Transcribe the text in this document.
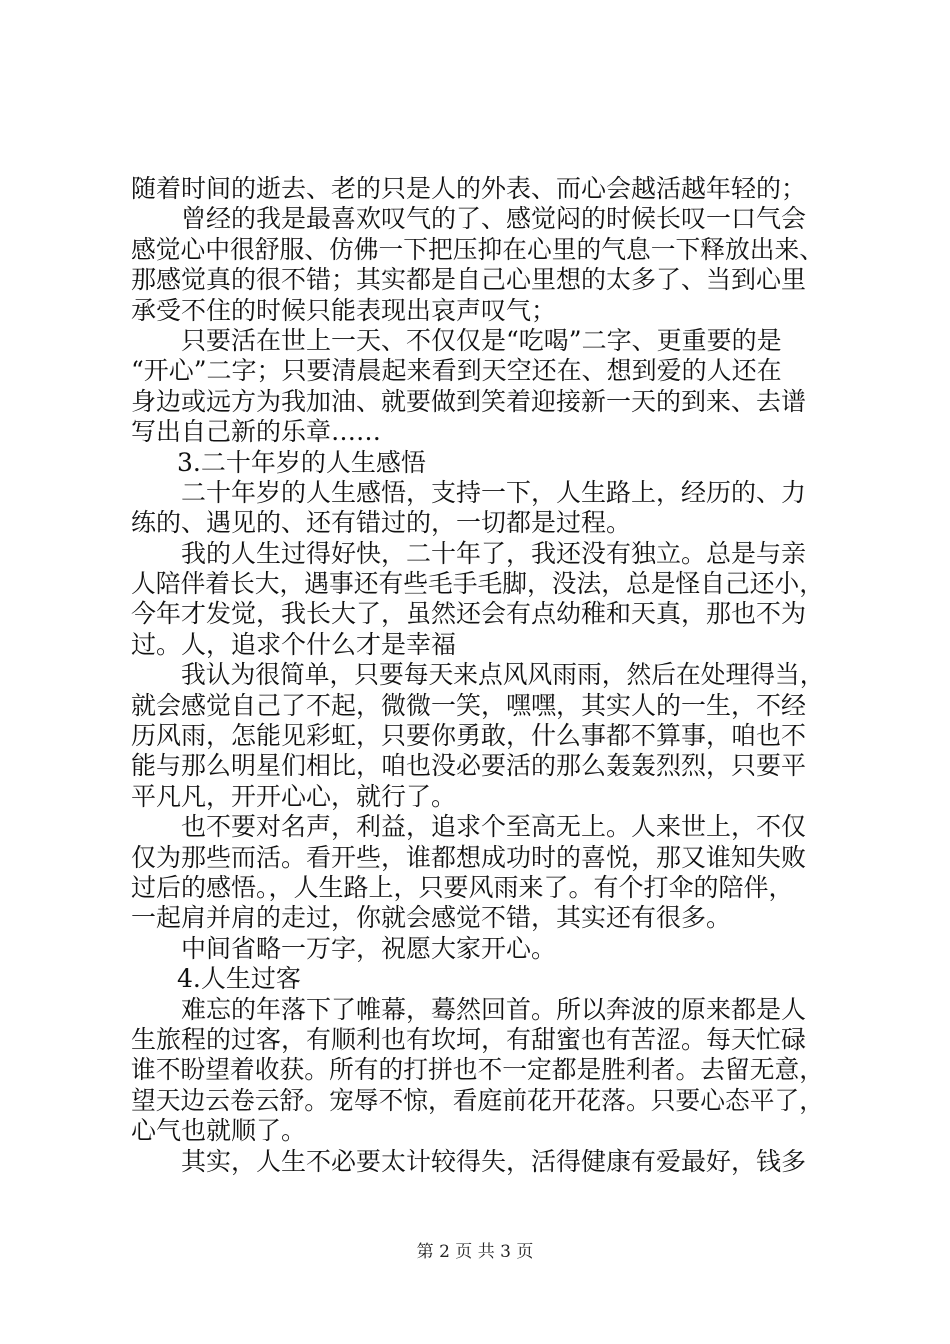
随着时间的逝去、老的只是人的外表、而心会越活越年轻的；
曾经的我是最喜欢叹气的了、感觉闷的时候长叹一口气会
感觉心中很舒服、仿佛一下把压抑在心里的气息一下释放出来、
那感觉真的很不错；其实都是自己心里想的太多了、当到心里
承受不住的时候只能表现出哀声叹气；
只要活在世上一天、不仅仅是“吃喝”二字、更重要的是
“开心”二字；只要清晨起来看到天空还在、想到爱的人还在
身边或远方为我加油、就要做到笑着迎接新一天的到来、去谱
写出自己新的乐章……
3.二十年岁的人生感悟
二十年岁的人生感悟，支持一下，人生路上，经历的、力
练的、遇见的、还有错过的，一切都是过程。
我的人生过得好快，二十年了，我还没有独立。总是与亲
人陪伴着长大，遇事还有些毛手毛脚，没法，总是怪自己还小，
今年才发觉，我长大了，虽然还会有点幼稚和天真，那也不为
过。人，追求个什么才是幸福
我认为很简单，只要每天来点风风雨雨，然后在处理得当，
就会感觉自己了不起，微微一笑，嘿嘿，其实人的一生，不经
历风雨，怎能见彩虹，只要你勇敢，什么事都不算事，咱也不
能与那么明星们相比，咱也没必要活的那么轰轰烈烈，只要平
平凡凡，开开心心，就行了。
也不要对名声，利益，追求个至高无上。人来世上，不仅
仅为那些而活。看开些，谁都想成功时的喜悦，那又谁知失败
过后的感悟。，人生路上，只要风雨来了。有个打伞的陪伴，
一起肩并肩的走过，你就会感觉不错，其实还有很多。
中间省略一万字，祝愿大家开心。
4.人生过客
难忘的年落下了帷幕，蓦然回首。所以奔波的原来都是人
生旅程的过客，有顺利也有坎坷，有甜蜜也有苦涩。每天忙碌
谁不盼望着收获。所有的打拼也不一定都是胜利者。去留无意，
望天边云卷云舒。宠辱不惊，看庭前花开花落。只要心态平了，
心气也就顺了。
其实，人生不必要太计较得失，活得健康有爱最好，钱多
第 2 页 共 3 页
